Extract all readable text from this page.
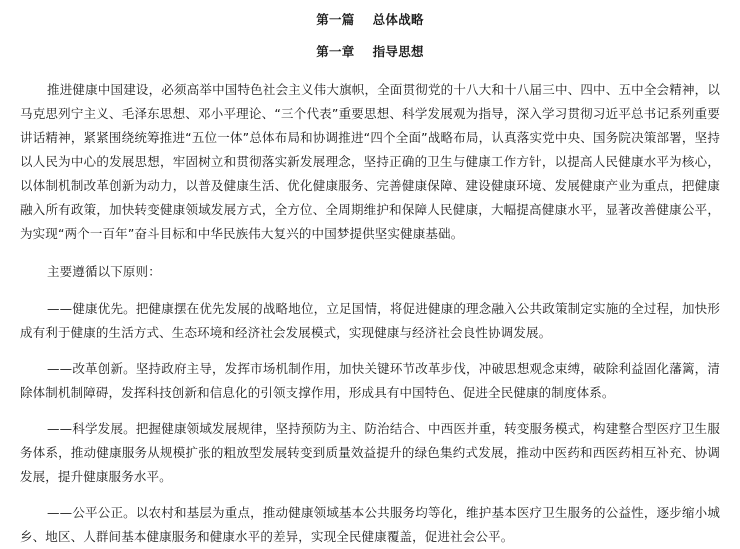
第一篇 总体战略
第一章 指导思想

推进健康中国建设，必须高举中国特色社会主义伟大旗帜，全面贯彻党的十八大和十八届三中、四中、五中全会精神，以马克思列宁主义、毛泽东思想、邓小平理论、“三个代表”重要思想、科学发展观为指导，深入学习贯彻习近平总书记系列重要讲话精神，紧紧围绕统筹推进“五位一体”总体布局和协调推进“四个全面”战略布局，认真落实党中央、国务院决策部署，坚持以人民为中心的发展思想，牢固树立和贯彻落实新发展理念，坚持正确的卫生与健康工作方针，以提高人民健康水平为核心，以体制机制改革创新为动力，以普及健康生活、优化健康服务、完善健康保障、建设健康环境、发展健康产业为重点，把健康融入所有政策，加快转变健康领域发展方式，全方位、全周期维护和保障人民健康，大幅提高健康水平，显著改善健康公平，为实现“两个一百年”奋斗目标和中华民族伟大复兴的中国梦提供坚实健康基础。

主要遵循以下原则：

——健康优先。把健康摆在优先发展的战略地位，立足国情，将促进健康的理念融入公共政策制定实施的全过程，加快形成有利于健康的生活方式、生态环境和经济社会发展模式，实现健康与经济社会良性协调发展。

——改革创新。坚持政府主导，发挥市场机制作用，加快关键环节改革步伐，冲破思想观念束缚，破除利益固化藩篱，清除体制机制障碍，发挥科技创新和信息化的引领支撑作用，形成具有中国特色、促进全民健康的制度体系。

——科学发展。把握健康领域发展规律，坚持预防为主、防治结合、中西医并重，转变服务模式，构建整合型医疗卫生服务体系，推动健康服务从规模扩张的粗放型发展转变到质量效益提升的绿色集约式发展，推动中医药和西医药相互补充、协调发展，提升健康服务水平。

——公平公正。以农村和基层为重点，推动健康领域基本公共服务均等化，维护基本医疗卫生服务的公益性，逐步缩小城乡、地区、人群间基本健康服务和健康水平的差异，实现全民健康覆盖，促进社会公平。
